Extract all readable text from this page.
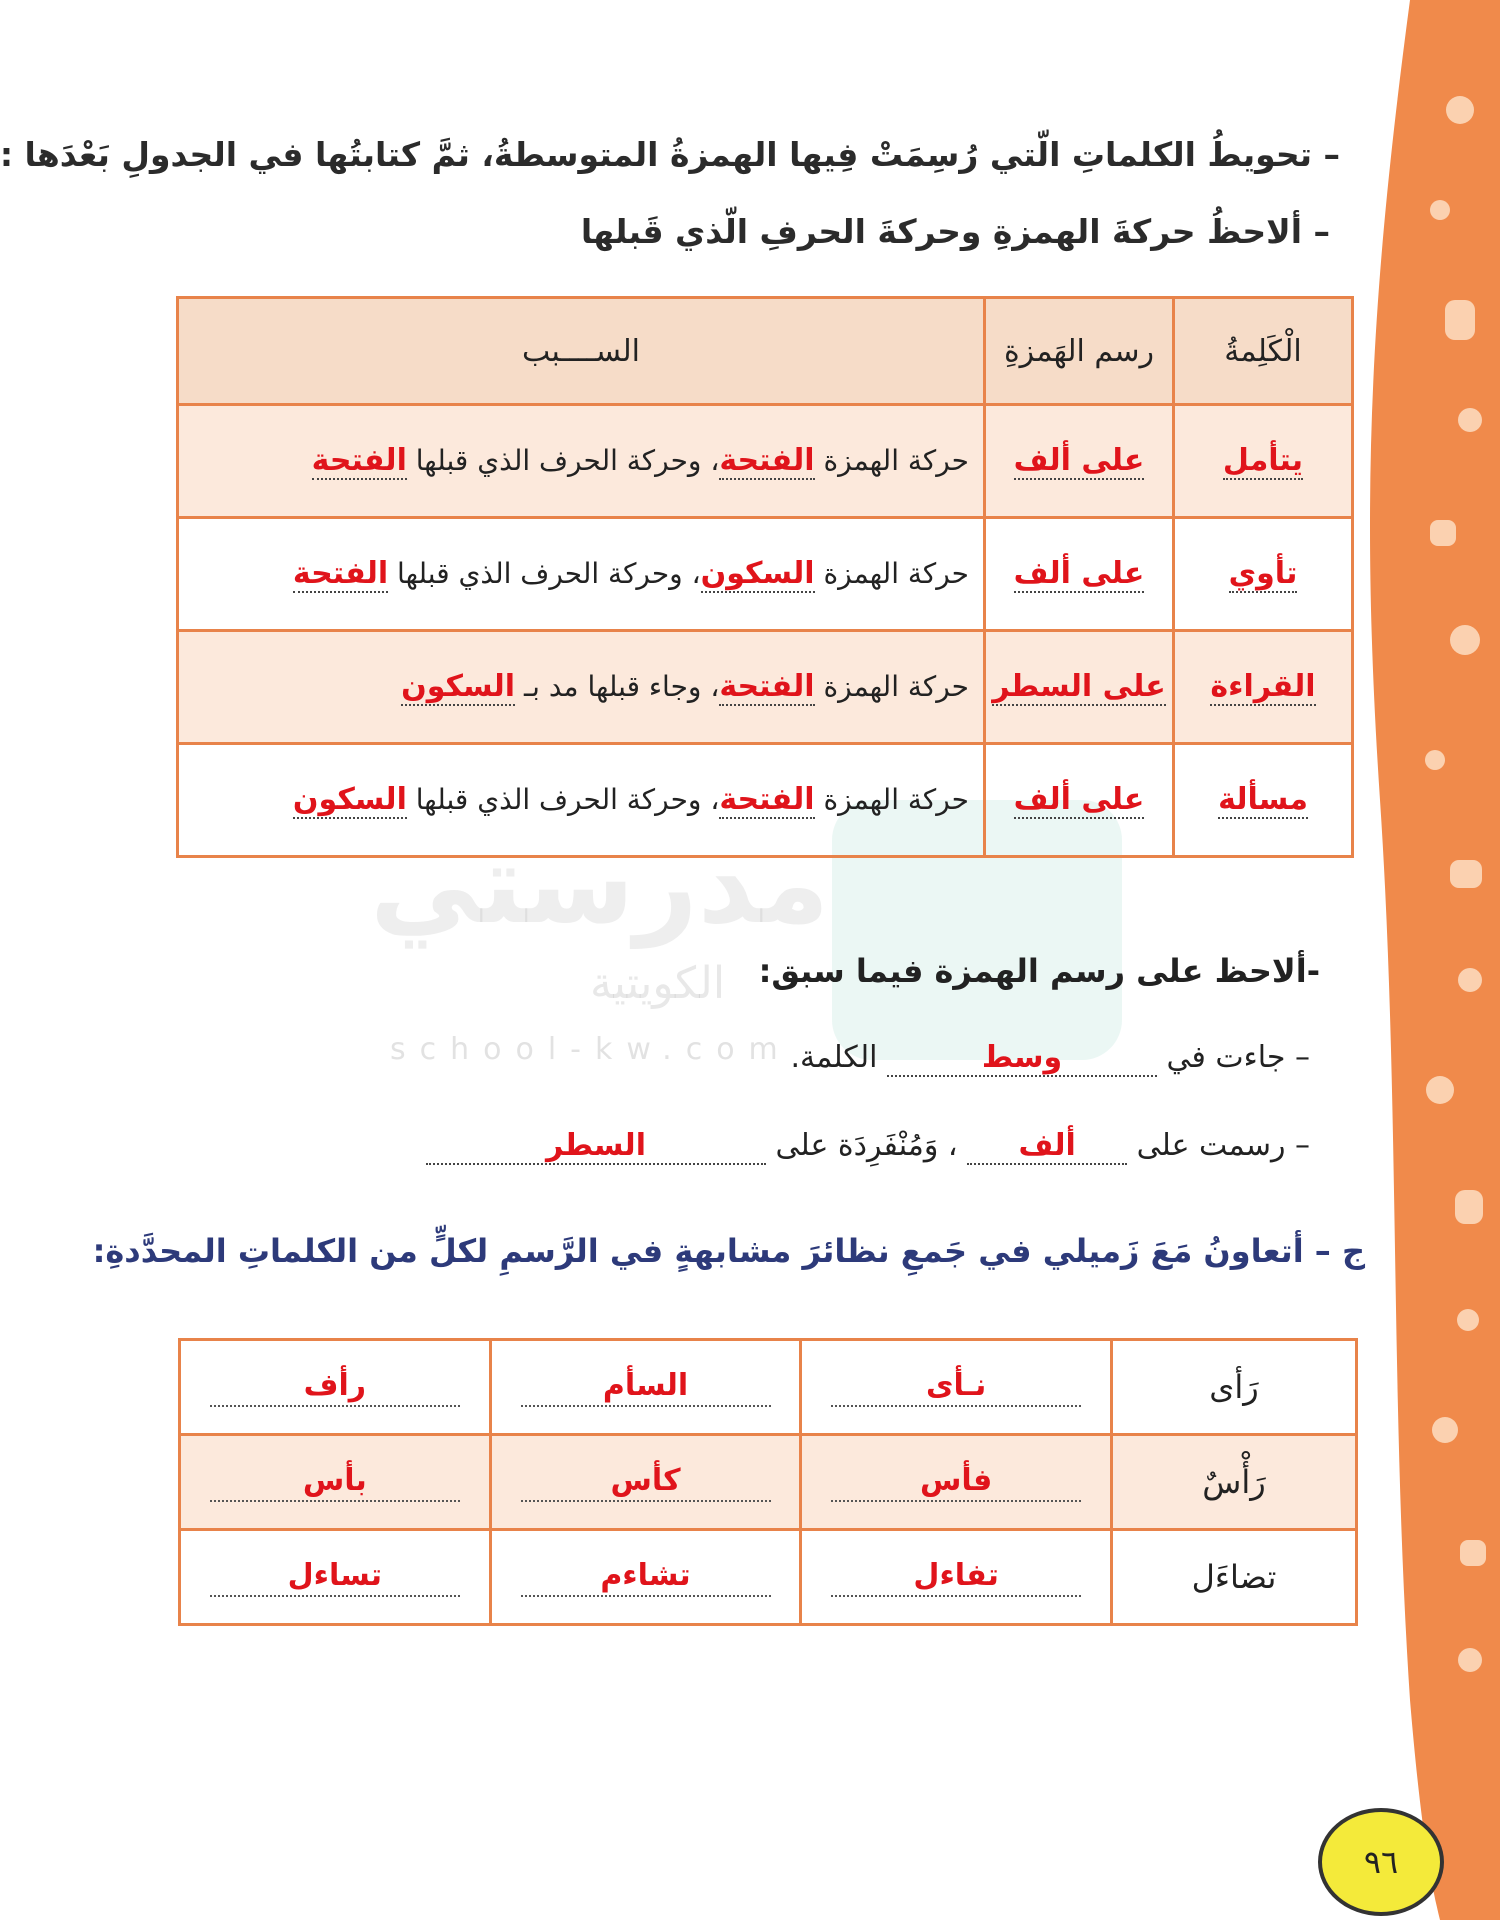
مدرستي
الكويتية
school-kw.com
– تحويطُ الكلماتِ الّتي رُسِمَتْ فِيها الهمزةُ المتوسطةُ، ثمَّ كتابتُها في الجدولِ بَعْدَها :
– ألاحظُ حركةَ الهمزةِ وحركةَ الحرفِ الّذي قَبلها
الْكَلِمةُ	رسم الهَمزةِ	الســــبب
يتأمل	على ألف	حركة الهمزة الفتحة، وحركة الحرف الذي قبلها الفتحة
تأوي	على ألف	حركة الهمزة السكون، وحركة الحرف الذي قبلها الفتحة
القراءة	على السطر	حركة الهمزة الفتحة، وجاء قبلها مد بـ السكون
مسألة	على ألف	حركة الهمزة الفتحة، وحركة الحرف الذي قبلها السكون
-ألاحظ على رسم الهمزة فيما سبق:
– جاءت في وسط الكلمة.
– رسمت على ألف ، وَمُنْفَرِدَة على السطر
ج – أتعاونُ مَعَ زَميلي في جَمعِ نظائرَ مشابهةٍ في الرَّسمِ لكلٍّ من الكلماتِ المحدَّدةِ:
رَأى	نـأى	السأم	رأف
رَأْسٌ	فأس	كأس	بأس
تضاءَل	تفاءل	تشاءم	تساءل
٩٦
